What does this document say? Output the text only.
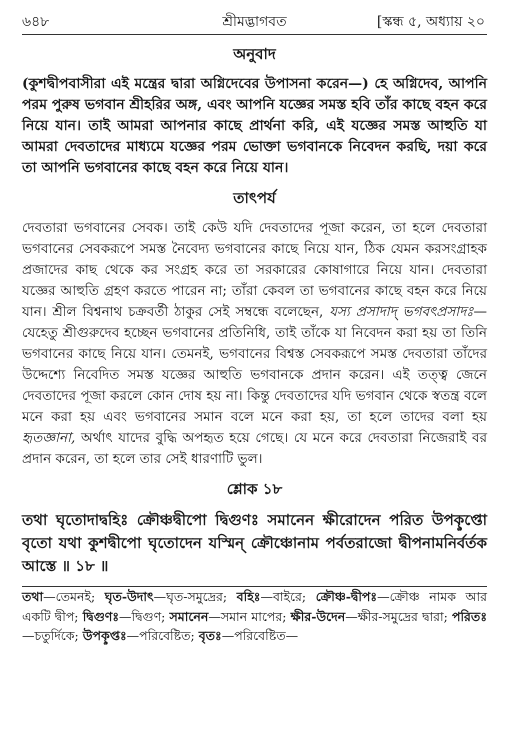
৬৪৮	শ্রীমদ্ভাগবত	[স্কন্ধ ৫, অধ্যায় ২০
অনুবাদ

(কুশদ্বীপবাসীরা এই মন্ত্রের দ্বারা অগ্নিদেবের উপাসনা করেন—) হে অগ্নিদেব, আপনি পরম পুরুষ ভগবান শ্রীহরির অঙ্গ, এবং আপনি যজ্ঞের সমস্ত হবি তাঁর কাছে বহন করে নিয়ে যান। তাই আমরা আপনার কাছে প্রার্থনা করি, এই যজ্ঞের সমস্ত আহুতি যা আমরা দেবতাদের মাধ্যমে যজ্ঞের পরম ভোক্তা ভগবানকে নিবেদন করছি, দয়া করে তা আপনি ভগবানের কাছে বহন করে নিয়ে যান।

তাৎপর্য

দেবতারা ভগবানের সেবক। তাই কেউ যদি দেবতাদের পূজা করেন, তা হলে দেবতারা ভগবানের সেবকরূপে সমস্ত নৈবেদ্য ভগবানের কাছে নিয়ে যান, ঠিক যেমন করসংগ্রাহক প্রজাদের কাছ থেকে কর সংগ্রহ করে তা সরকারের কোষাগারে নিয়ে যান। দেবতারা যজ্ঞের আহুতি গ্রহণ করতে পারেন না; তাঁরা কেবল তা ভগবানের কাছে বহন করে নিয়ে যান। শ্রীল বিশ্বনাথ চক্রবর্তী ঠাকুর সেই সম্বন্ধে বলেছেন, যস্য প্রসাদাদ্ ভগবৎপ্রসাদঃ—যেহেতু শ্রীগুরুদেব হচ্ছেন ভগবানের প্রতিনিধি, তাই তাঁকে যা নিবেদন করা হয় তা তিনি ভগবানের কাছে নিয়ে যান। তেমনই, ভগবানের বিশ্বস্ত সেবকরূপে সমস্ত দেবতারা তাঁদের উদ্দেশ্যে নিবেদিত সমস্ত যজ্ঞের আহুতি ভগবানকে প্রদান করেন। এই তত্ত্ব জেনে দেবতাদের পূজা করলে কোন দোষ হয় না। কিন্তু দেবতাদের যদি ভগবান থেকে স্বতন্ত্র বলে মনে করা হয় এবং ভগবানের সমান বলে মনে করা হয়, তা হলে তাদের বলা হয় হৃতজ্ঞানা, অর্থাৎ যাদের বুদ্ধি অপহৃত হয়ে গেছে। যে মনে করে দেবতারা নিজেরাই বর প্রদান করেন, তা হলে তার সেই ধারণাটি ভুল।

শ্লোক ১৮

তথা ঘৃতোদাদ্বহিঃ ক্রৌঞ্চদ্বীপো দ্বিগুণঃ সমানেন ক্ষীরোদেন পরিত উপকৢপ্তো বৃতো যথা কুশদ্বীপো ঘৃতোদেন যস্মিন্ ক্রৌঞ্চোনাম পর্বতরাজো দ্বীপনামনির্বর্তক আস্তে ॥ ১৮ ॥

তথা—তেমনই; ঘৃত-উদাৎ—ঘৃত-সমুদ্রের; বহিঃ—বাইরে; ক্রৌঞ্চ-দ্বীপঃ—ক্রৌঞ্চ নামক আর একটি দ্বীপ; দ্বিগুণঃ—দ্বিগুণ; সমানেন—সমান মাপের; ক্ষীর-উদেন—ক্ষীর-সমুদ্রের দ্বারা; পরিতঃ—চতুর্দিকে; উপকৢপ্তঃ—পরিবেষ্টিত; বৃতঃ—পরিবেষ্টিত—
